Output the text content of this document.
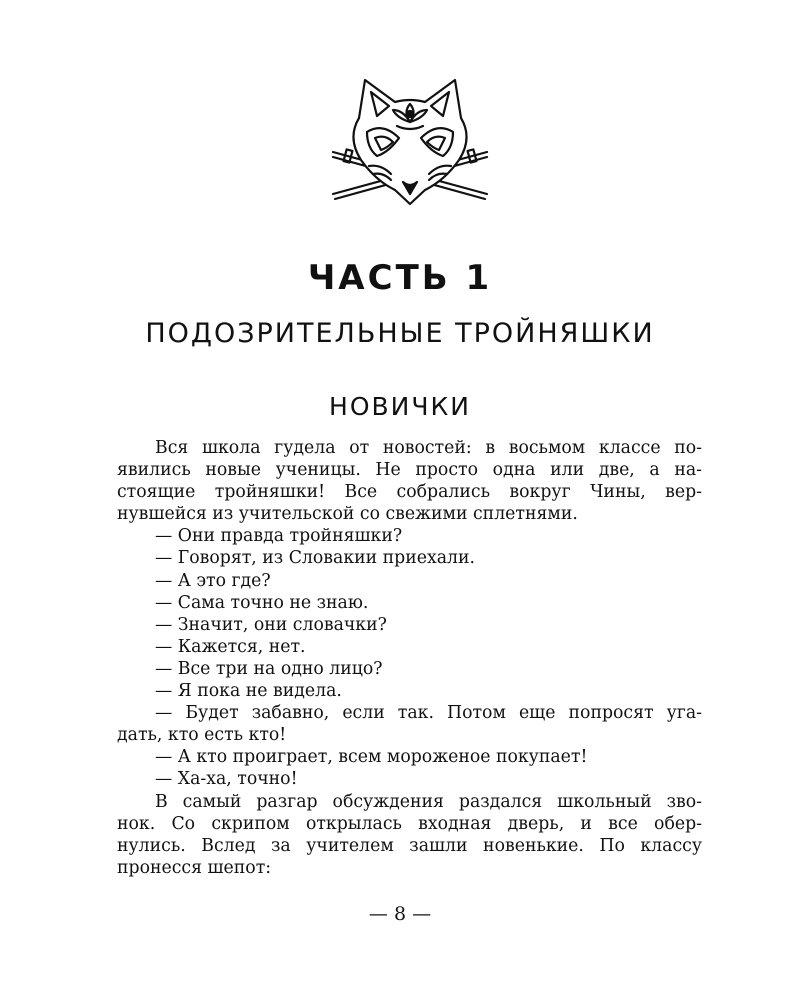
ЧАСТЬ 1
ПОДОЗРИТЕЛЬНЫЕ ТРОЙНЯШКИ
НОВИЧКИ
Вся школа гудела от новостей: в восьмом классе по-
явились новые ученицы. Не просто одна или две, а на-
стоящие тройняшки! Все собрались вокруг Чины, вер-
нувшейся из учительской со свежими сплетнями.
— Они правда тройняшки?
— Говорят, из Словакии приехали.
— А это где?
— Сама точно не знаю.
— Значит, они словачки?
— Кажется, нет.
— Все три на одно лицо?
— Я пока не видела.
— Будет забавно, если так. Потом еще попросят уга-
дать, кто есть кто!
— А кто проиграет, всем мороженое покупает!
— Ха-ха, точно!
В самый разгар обсуждения раздался школьный зво-
нок. Со скрипом открылась входная дверь, и все обер-
нулись. Вслед за учителем зашли новенькие. По классу
пронесся шепот:
— 8 —
